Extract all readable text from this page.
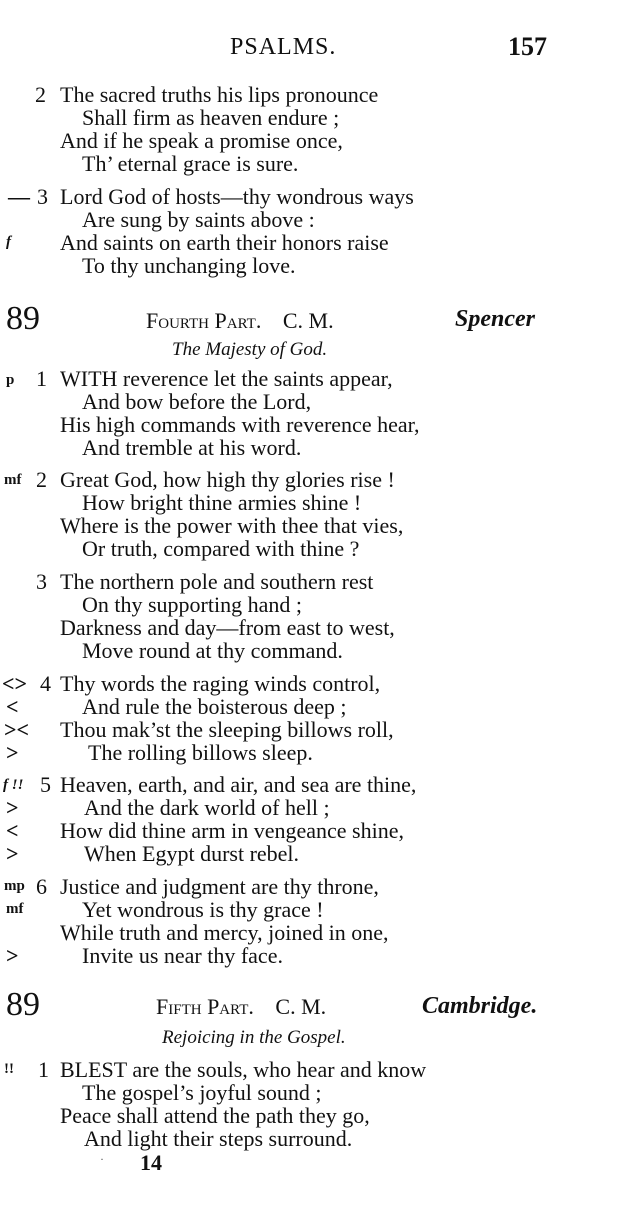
PSALMS.	157
2 The sacred truths his lips pronounce
Shall firm as heaven endure ;
And if he speak a promise once,
Th’ eternal grace is sure.
— 3 Lord God of hosts—thy wondrous ways
Are sung by saints above :
f And saints on earth their honors raise
To thy unchanging love.
89	Fourth Part. C. M.	Spencer
The Majesty of God.
p 1 WITH reverence let the saints appear,
And bow before the Lord,
His high commands with reverence hear,
And tremble at his word.
mf 2 Great God, how high thy glories rise !
How bright thine armies shine !
Where is the power with thee that vies,
Or truth, compared with thine ?
3 The northern pole and southern rest
On thy supporting hand ;
Darkness and day—from east to west,
Move round at thy command.
<> 4 Thy words the raging winds control,
<	And rule the boisterous deep ;
>< Thou mak’st the sleeping billows roll,
>	The rolling billows sleep.
f !! 5 Heaven, earth, and air, and sea are thine,
>	And the dark world of hell ;
< How did thine arm in vengeance shine,
>	When Egypt durst rebel.
mp 6 Justice and judgment are thy throne,
mf	Yet wondrous is thy grace !
While truth and mercy, joined in one,
>	Invite us near thy face.
89	Fifth Part. C. M.	Cambridge.
Rejoicing in the Gospel.
!! 1 BLEST are the souls, who hear and know
The gospel’s joyful sound ;
Peace shall attend the path they go,
And light their steps surround.
· 14
